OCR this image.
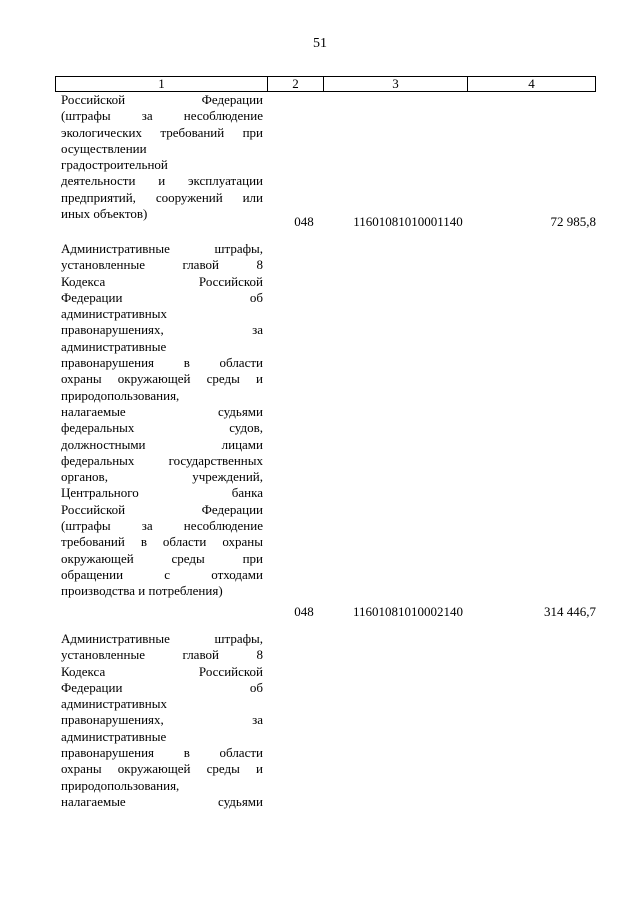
51
1	2	3	4
Российской	Федерации
(штрафы за несоблюдение
экологических требований при
осуществлении
градостроительной
деятельности и эксплуатации
предприятий, сооружений или
иных объектов)
048	11601081010001140	72 985,8
Административные	штрафы,
установленные	главой	8
Кодекса	Российской
Федерации	об
административных
правонарушениях,	за
административные
правонарушения в области
охраны окружающей среды и
природопользования,
налагаемые	судьями
федеральных	судов,
должностными	лицами
федеральных	государственных
органов,	учреждений,
Центрального	банка
Российской	Федерации
(штрафы за несоблюдение
требований в области охраны
окружающей	среды	при
обращении	с	отходами
производства и потребления)
048	11601081010002140	314 446,7
Административные	штрафы,
установленные	главой	8
Кодекса	Российской
Федерации	об
административных
правонарушениях,	за
административные
правонарушения в области
охраны окружающей среды и
природопользования,
налагаемые	судьями
